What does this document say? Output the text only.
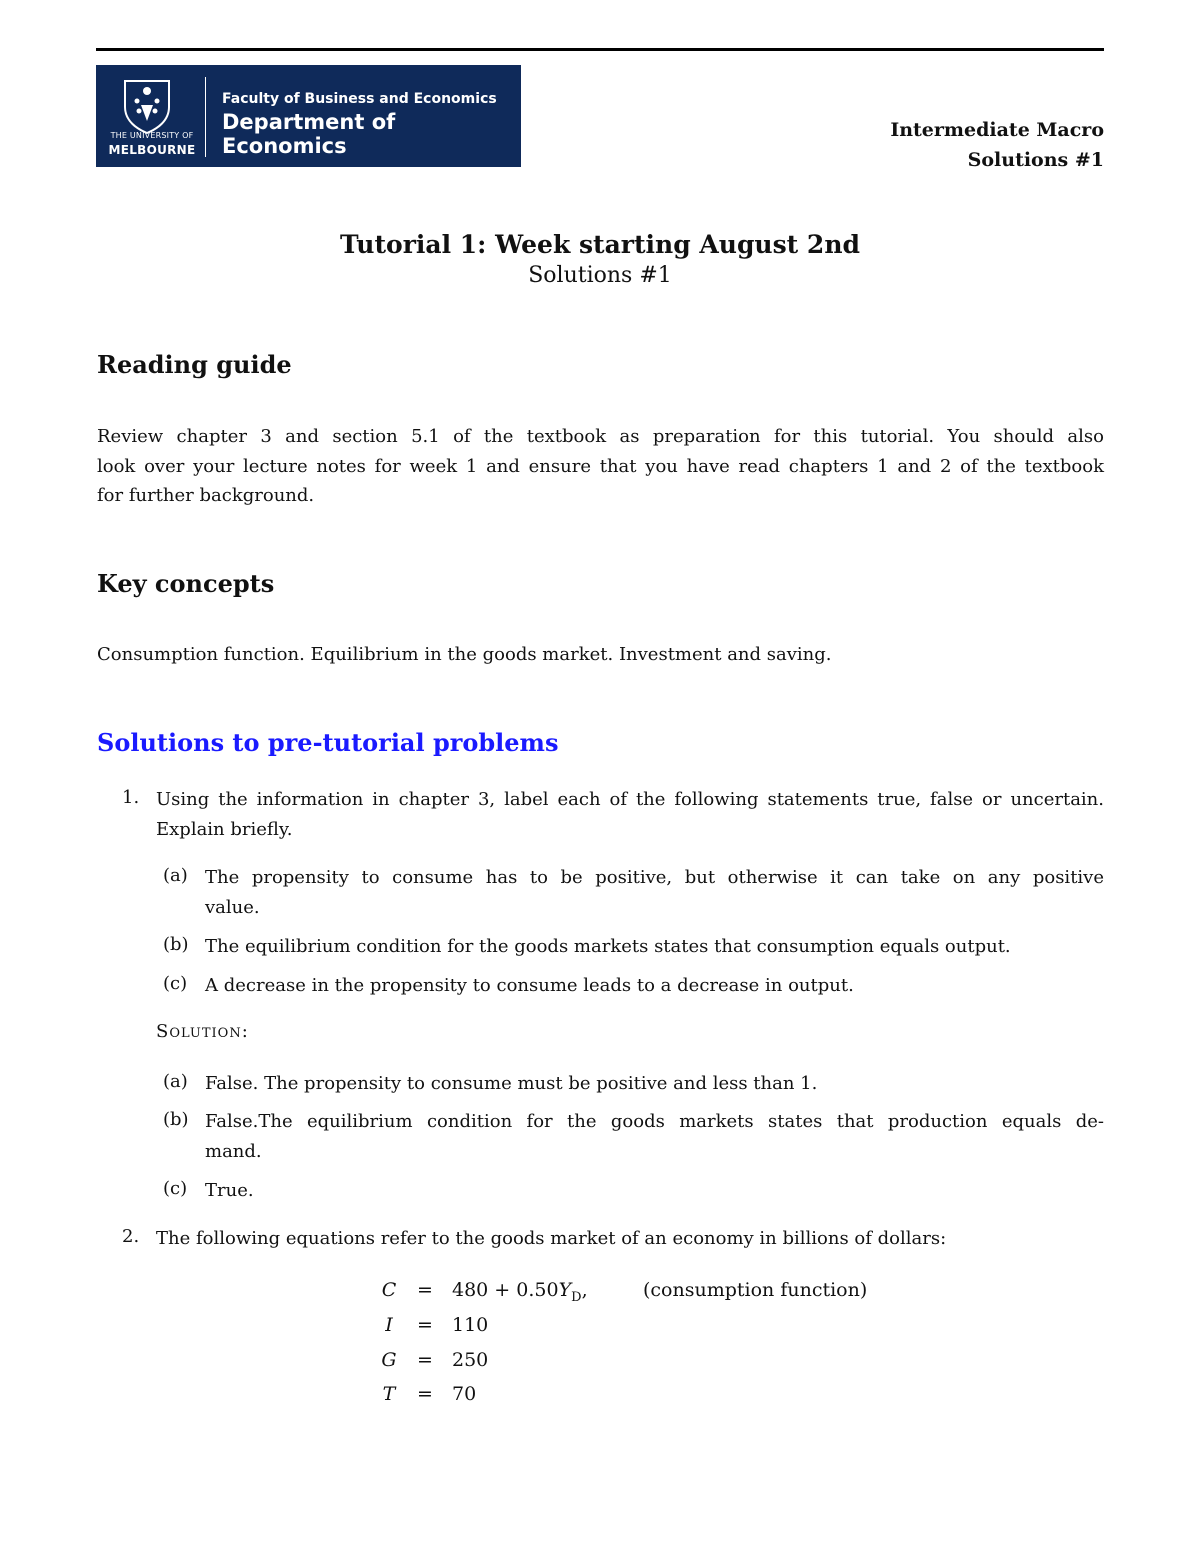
THE UNIVERSITY OF
MELBOURNE
Faculty of Business and Economics
Department of Economics
Intermediate Macro
Solutions #1
Tutorial 1: Week starting August 2nd
Solutions #1
Reading guide
Review chapter 3 and section 5.1 of the textbook as preparation for this tutorial. You should also
look over your lecture notes for week 1 and ensure that you have read chapters 1 and 2 of the textbook
for further background.
Key concepts
Consumption function. Equilibrium in the goods market. Investment and saving.
Solutions to pre-tutorial problems
1. Using the information in chapter 3, label each of the following statements true, false or uncertain.
Explain briefly.
(a) The propensity to consume has to be positive, but otherwise it can take on any positive
value.
(b) The equilibrium condition for the goods markets states that consumption equals output.
(c) A decrease in the propensity to consume leads to a decrease in output.
Solution:
(a) False. The propensity to consume must be positive and less than 1.
(b) False.The equilibrium condition for the goods markets states that production equals de-
mand.
(c) True.
2. The following equations refer to the goods market of an economy in billions of dollars:
$C = 480 + 0.50Y_D$,	(consumption function)
I	= 110
G = 250
T = 70
